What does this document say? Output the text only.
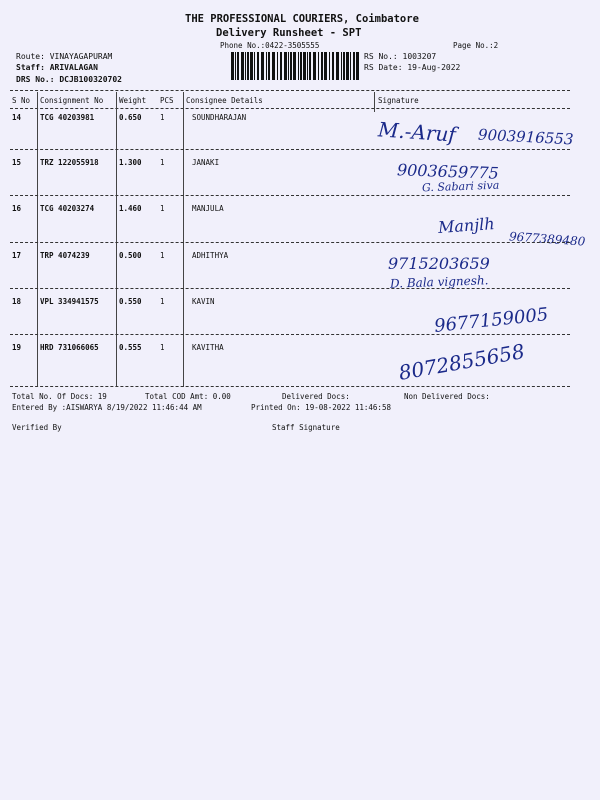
THE PROFESSIONAL COURIERS, Coimbatore
Delivery Runsheet - SPT
Phone No.:0422-3505555	Page No.:2
Route: VINAYAGAPURAM
Staff: ARIVALAGAN
DRS No.: DCJB100320702
RS No.: 1003207
RS Date: 19-Aug-2022
S No Consignment No Weight PCS Consignee Details	Signature
14	TCG 40203981	0.650 1	SOUNDHARAJAN	M.-Aruf 9003916553
15	TRZ 122055918	1.300 1	JANAKI	9003659775
G. Sabari siva
16	TCG 40203274	1.460 1	MANJULA
Manjlh
9677389480
17	TRP 4074239	0.500 1	ADHITHYA	9715203659
D. Bala vignesh.
18	VPL 334941575	0.550 1	KAVIN
9677159005
19	HRD 731066065	0.555 1	KAVITHA	8072855658
Total No. Of Docs: 19	Total COD Amt: 0.00	Delivered Docs:	Non Delivered Docs:
Entered By :AISWARYA 8/19/2022 11:46:44 AM	Printed On: 19-08-2022 11:46:58
Verified By	Staff Signature
